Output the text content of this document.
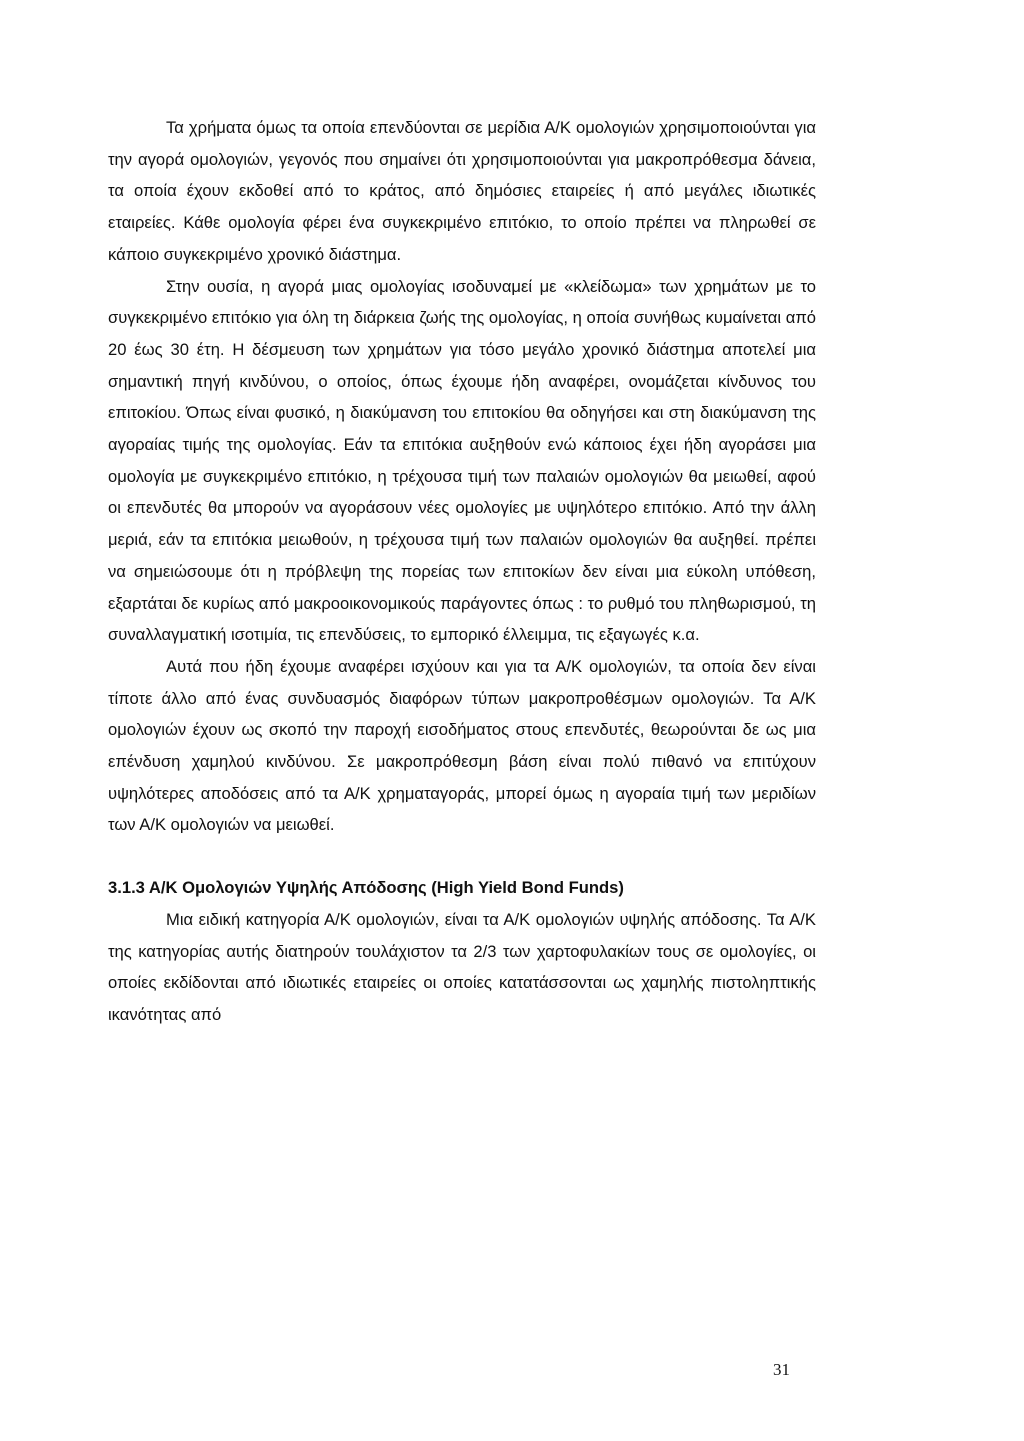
Τα χρήματα όμως τα οποία επενδύονται σε μερίδια Α/Κ ομολογιών χρησιμοποιούνται για την αγορά ομολογιών, γεγονός που σημαίνει ότι χρησιμοποιούνται για μακροπρόθεσμα δάνεια, τα οποία έχουν εκδοθεί από το κράτος, από δημόσιες εταιρείες ή από μεγάλες ιδιωτικές εταιρείες. Κάθε ομολογία φέρει ένα συγκεκριμένο επιτόκιο, το οποίο πρέπει να πληρωθεί σε κάποιο συγκεκριμένο χρονικό διάστημα.

Στην ουσία, η αγορά μιας ομολογίας ισοδυναμεί με «κλείδωμα» των χρημάτων με το συγκεκριμένο επιτόκιο για όλη τη διάρκεια ζωής της ομολογίας, η οποία συνήθως κυμαίνεται από 20 έως 30 έτη. Η δέσμευση των χρημάτων για τόσο μεγάλο χρονικό διάστημα αποτελεί μια σημαντική πηγή κινδύνου, ο οποίος, όπως έχουμε ήδη αναφέρει, ονομάζεται κίνδυνος του επιτοκίου. Όπως είναι φυσικό, η διακύμανση του επιτοκίου θα οδηγήσει και στη διακύμανση της αγοραίας τιμής της ομολογίας. Εάν τα επιτόκια αυξηθούν ενώ κάποιος έχει ήδη αγοράσει μια ομολογία με συγκεκριμένο επιτόκιο, η τρέχουσα τιμή των παλαιών ομολογιών θα μειωθεί, αφού οι επενδυτές θα μπορούν να αγοράσουν νέες ομολογίες με υψηλότερο επιτόκιο. Από την άλλη μεριά, εάν τα επιτόκια μειωθούν, η τρέχουσα τιμή των παλαιών ομολογιών θα αυξηθεί. πρέπει να σημειώσουμε ότι η πρόβλεψη της πορείας των επιτοκίων δεν είναι μια εύκολη υπόθεση, εξαρτάται δε κυρίως από μακροοικονομικούς παράγοντες όπως : το ρυθμό του πληθωρισμού, τη συναλλαγματική ισοτιμία, τις επενδύσεις, το εμπορικό έλλειμμα, τις εξαγωγές κ.α.

Αυτά που ήδη έχουμε αναφέρει ισχύουν και για τα Α/Κ ομολογιών, τα οποία δεν είναι τίποτε άλλο από ένας συνδυασμός διαφόρων τύπων μακροπροθέσμων ομολογιών. Τα Α/Κ ομολογιών έχουν ως σκοπό την παροχή εισοδήματος στους επενδυτές, θεωρούνται δε ως μια επένδυση χαμηλού κινδύνου. Σε μακροπρόθεσμη βάση είναι πολύ πιθανό να επιτύχουν υψηλότερες αποδόσεις από τα Α/Κ χρηματαγοράς, μπορεί όμως η αγοραία τιμή των μεριδίων των Α/Κ ομολογιών να μειωθεί.

3.1.3 Α/Κ Ομολογιών Υψηλής Απόδοσης (High Yield Bond Funds)

Μια ειδική κατηγορία Α/Κ ομολογιών, είναι τα Α/Κ ομολογιών υψηλής απόδοσης. Τα Α/Κ της κατηγορίας αυτής διατηρούν τουλάχιστον τα 2/3 των χαρτοφυλακίων τους σε ομολογίες, οι οποίες εκδίδονται από ιδιωτικές εταιρείες οι οποίες κατατάσσονται ως χαμηλής πιστοληπτικής ικανότητας από

31
